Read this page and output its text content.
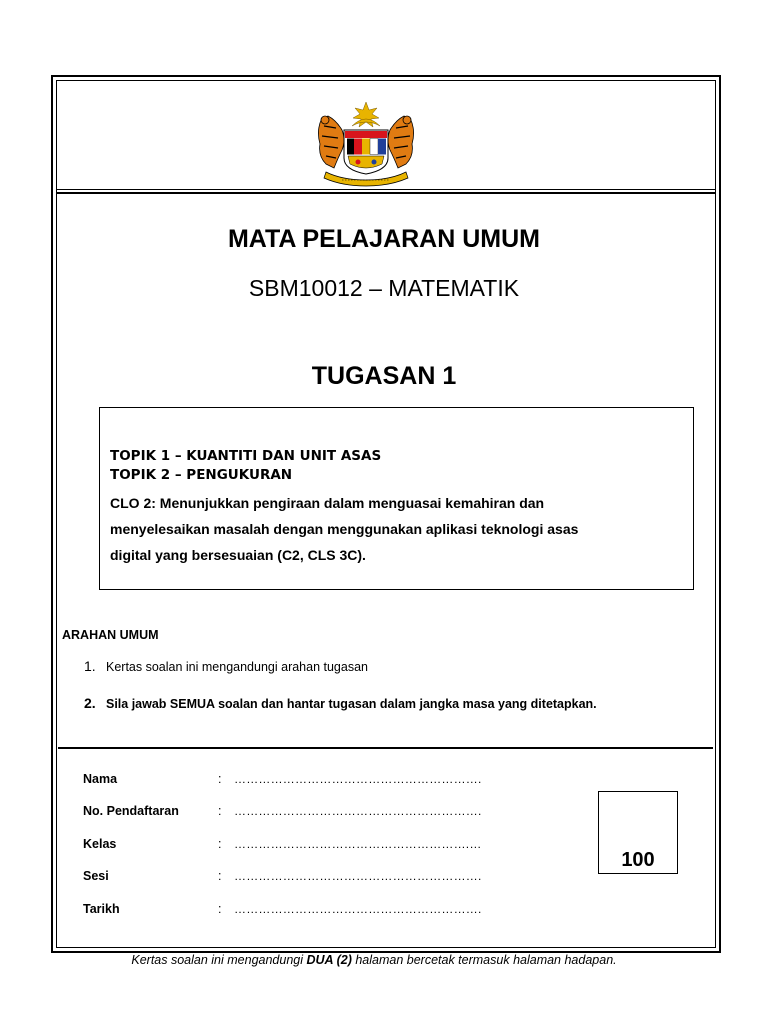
MATA PELAJARAN UMUM
SBM10012 – MATEMATIK
TUGASAN 1
TOPIK 1 – KUANTITI DAN UNIT ASAS
TOPIK 2 – PENGUKURAN
CLO 2: Menunjukkan pengiraan dalam menguasai kemahiran dan
menyelesaikan masalah dengan menggunakan aplikasi teknologi asas
digital yang bersesuaian (C2, CLS 3C).
ARAHAN UMUM
1. Kertas soalan ini mengandungi arahan tugasan
2. Sila jawab SEMUA soalan dan hantar tugasan dalam jangka masa yang ditetapkan.
Nama	: …………………………………………………….
No. Pendaftaran	: …………………………………………………….
Kelas	: ………………………………………………….…
Sesi	: …………………………………………………….
Tarikh	: …………………………………………………….
100
Kertas soalan ini mengandungi DUA (2) halaman bercetak termasuk halaman hadapan.
